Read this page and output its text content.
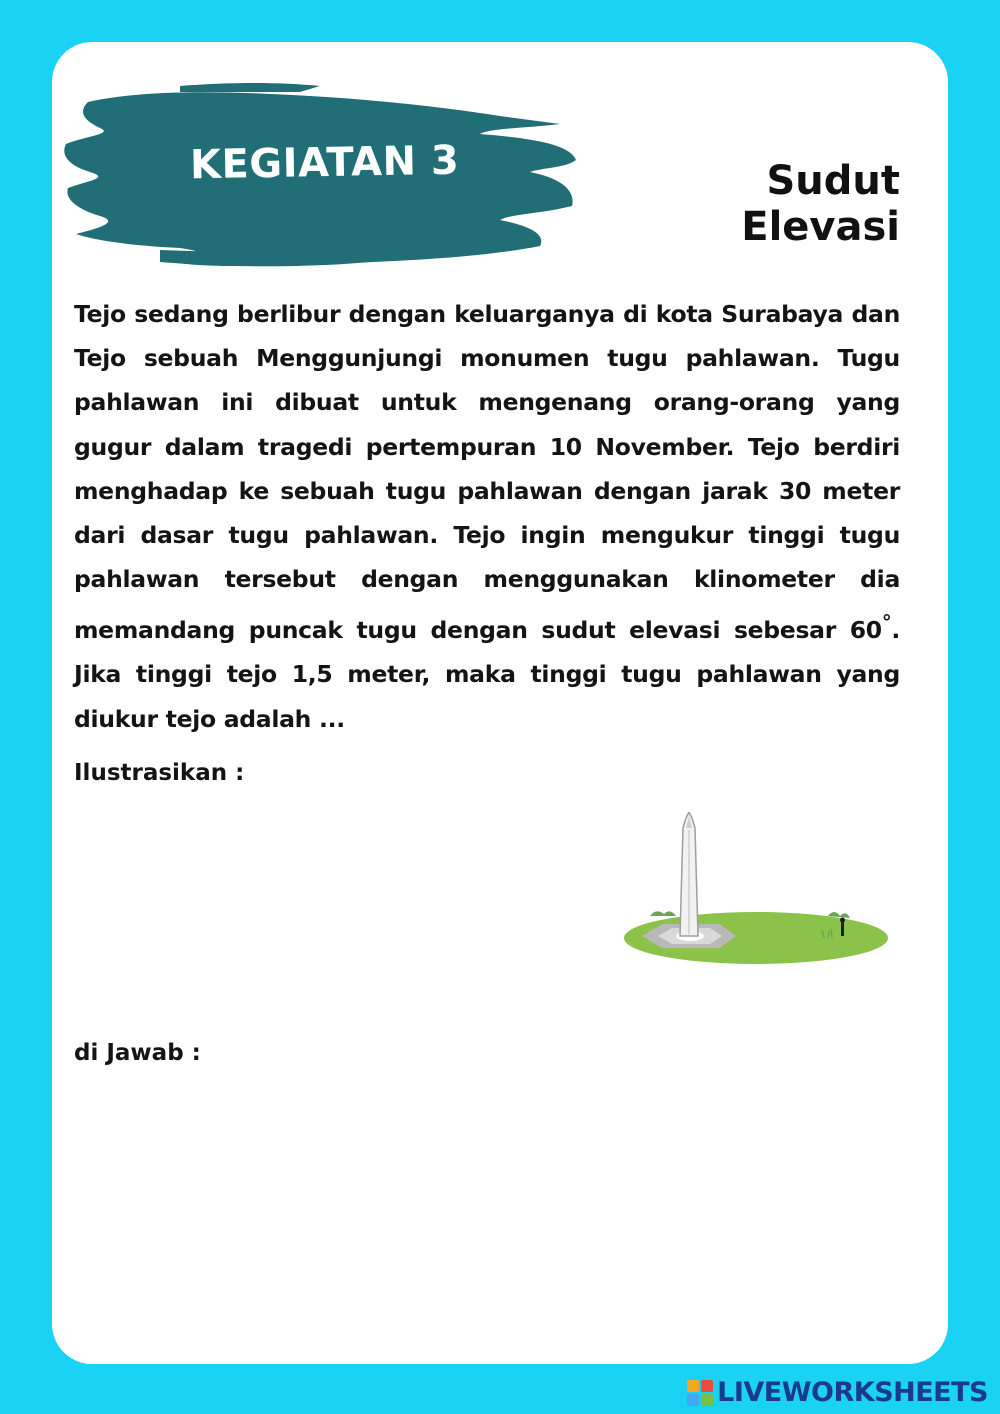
KEGIATAN 3	Sudut Elevasi

Tejo sedang berlibur dengan keluarganya di kota Surabaya dan Tejo sebuah Menggunjungi monumen tugu pahlawan. Tugu pahlawan ini dibuat untuk mengenang orang-orang yang gugur dalam tragedi pertempuran 10 November. Tejo berdiri menghadap ke sebuah tugu pahlawan dengan jarak 30 meter dari dasar tugu pahlawan. Tejo ingin mengukur tinggi tugu pahlawan tersebut dengan menggunakan klinometer dia memandang puncak tugu dengan sudut elevasi sebesar 60°. Jika tinggi tejo 1,5 meter, maka tinggi tugu pahlawan yang diukur tejo adalah ...

Ilustrasikan :
di Jawab :
LIVEWORKSHEETS
